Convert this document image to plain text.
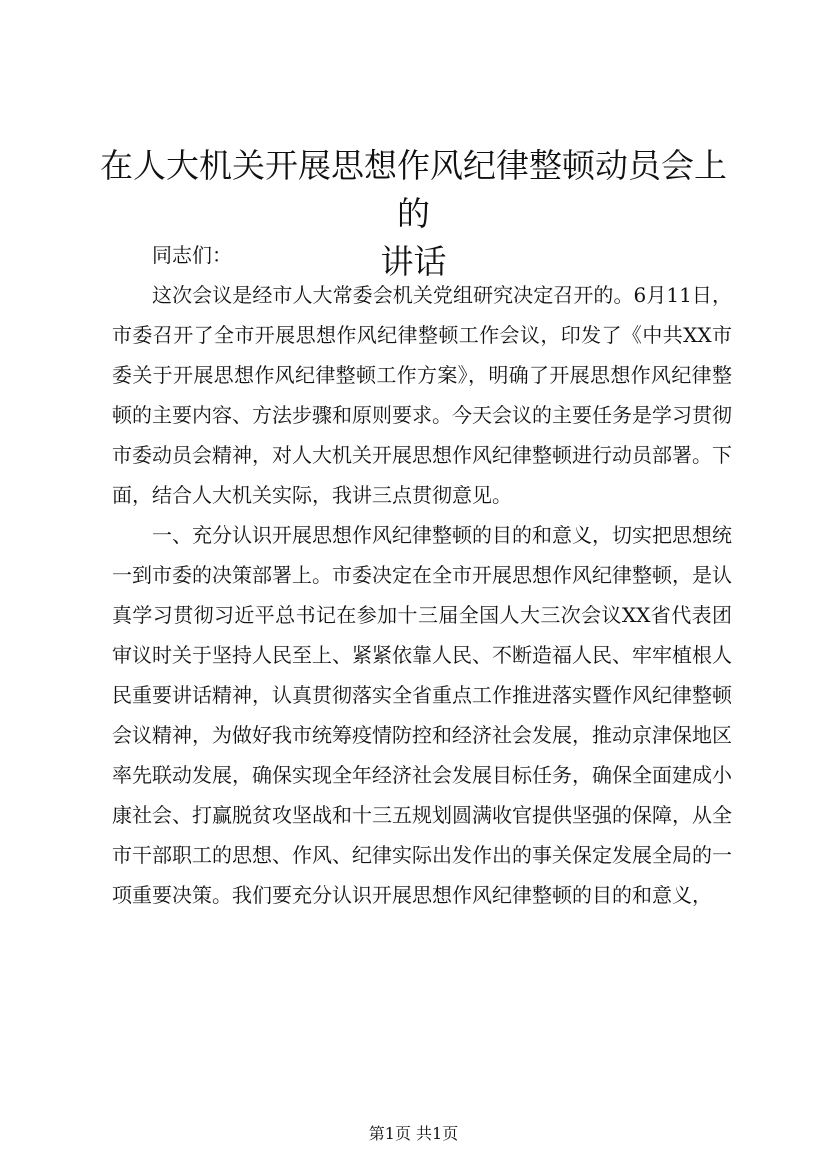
在人大机关开展思想作风纪律整顿动员会上的
讲话

同志们：

这次会议是经市人大常委会机关党组研究决定召开的。6月11日，市委召开了全市开展思想作风纪律整顿工作会议，印发了《中共XX市委关于开展思想作风纪律整顿工作方案》，明确了开展思想作风纪律整顿的主要内容、方法步骤和原则要求。今天会议的主要任务是学习贯彻市委动员会精神，对人大机关开展思想作风纪律整顿进行动员部署。下面，结合人大机关实际，我讲三点贯彻意见。

一、充分认识开展思想作风纪律整顿的目的和意义，切实把思想统一到市委的决策部署上。市委决定在全市开展思想作风纪律整顿，是认真学习贯彻习近平总书记在参加十三届全国人大三次会议XX省代表团审议时关于坚持人民至上、紧紧依靠人民、不断造福人民、牢牢植根人民重要讲话精神，认真贯彻落实全省重点工作推进落实暨作风纪律整顿会议精神，为做好我市统筹疫情防控和经济社会发展，推动京津保地区率先联动发展，确保实现全年经济社会发展目标任务，确保全面建成小康社会、打赢脱贫攻坚战和十三五规划圆满收官提供坚强的保障，从全市干部职工的思想、作风、纪律实际出发作出的事关保定发展全局的一项重要决策。我们要充分认识开展思想作风纪律整顿的目的和意义，

第1页 共1页
